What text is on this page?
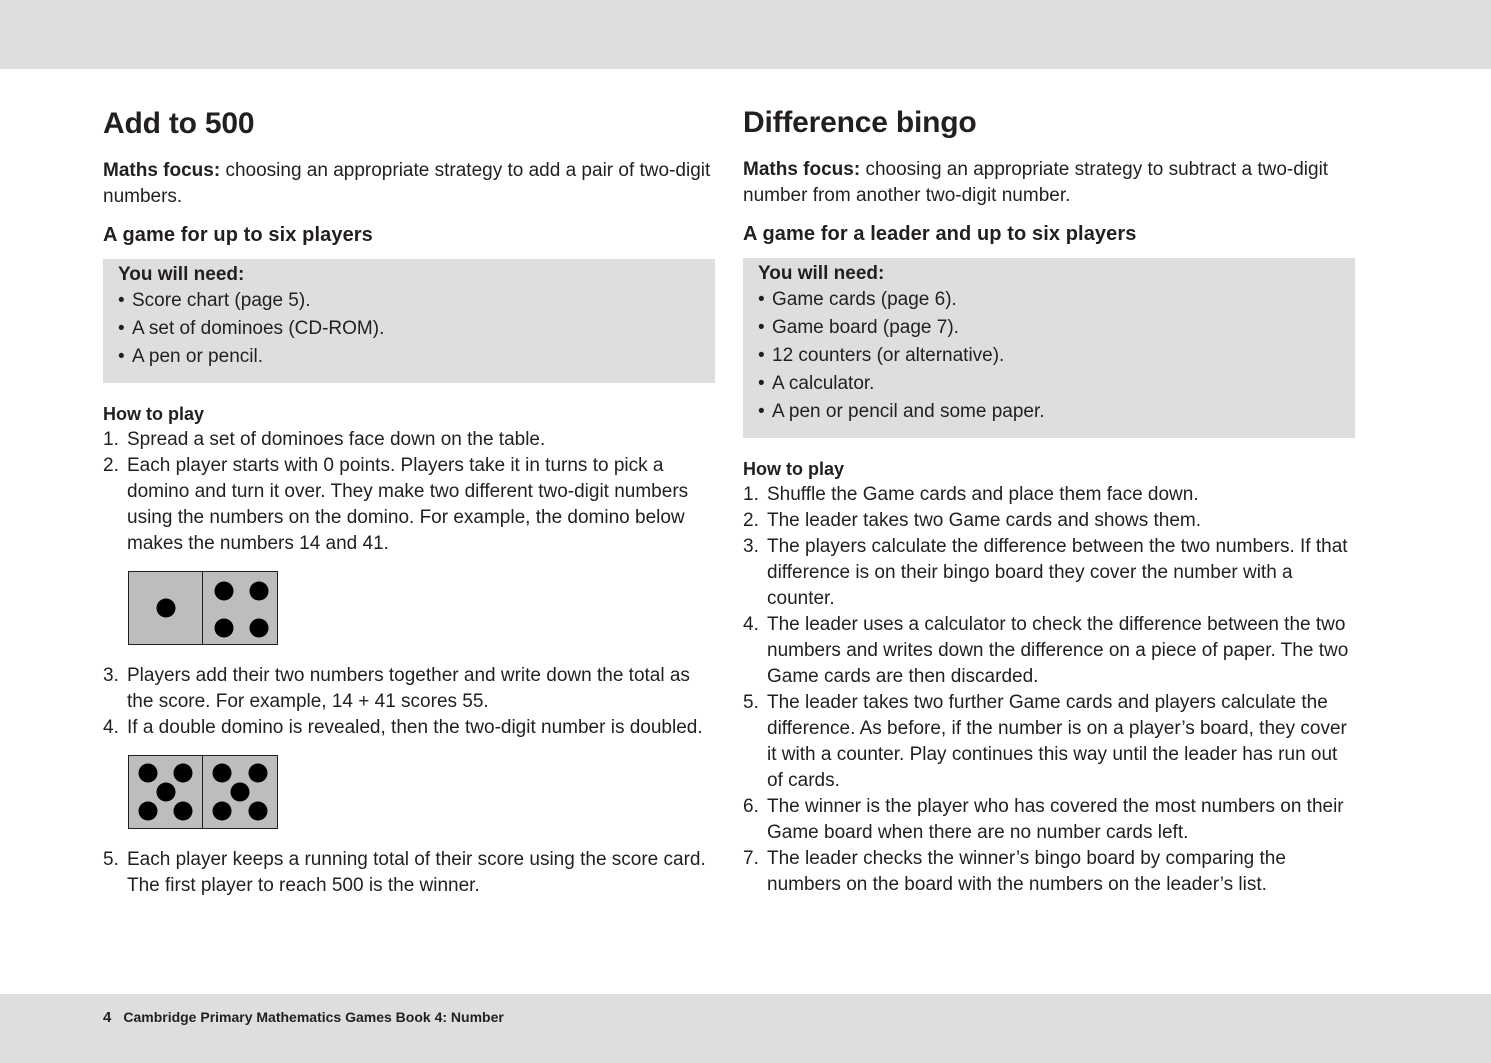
Add to 500

Maths focus: choosing an appropriate strategy to add a pair of two-digit numbers.

A game for up to six players
You will need:
• Score chart (page 5).
• A set of dominoes (CD-ROM).
• A pen or pencil.
How to play
1. Spread a set of dominoes face down on the table.
2. Each player starts with 0 points. Players take it in turns to pick a domino and turn it over. They make two different two-digit numbers using the numbers on the domino. For example, the domino below makes the numbers 14 and 41.
3. Players add their two numbers together and write down the total as the score. For example, 14 + 41 scores 55.
4. If a double domino is revealed, then the two-digit number is doubled.
5. Each player keeps a running total of their score using the score card. The first player to reach 500 is the winner.
Difference bingo

Maths focus: choosing an appropriate strategy to subtract a two-digit number from another two-digit number.

A game for a leader and up to six players
You will need:
• Game cards (page 6).
• Game board (page 7).
• 12 counters (or alternative).
• A calculator.
• A pen or pencil and some paper.
How to play
1. Shuffle the Game cards and place them face down.
2. The leader takes two Game cards and shows them.
3. The players calculate the difference between the two numbers. If that difference is on their bingo board they cover the number with a counter.
4. The leader uses a calculator to check the difference between the two numbers and writes down the difference on a piece of paper. The two Game cards are then discarded.
5. The leader takes two further Game cards and players calculate the difference. As before, if the number is on a player’s board, they cover it with a counter. Play continues this way until the leader has run out of cards.
6. The winner is the player who has covered the most numbers on their Game board when there are no number cards left.
7. The leader checks the winner’s bingo board by comparing the numbers on the board with the numbers on the leader’s list.
4 Cambridge Primary Mathematics Games Book 4: Number
